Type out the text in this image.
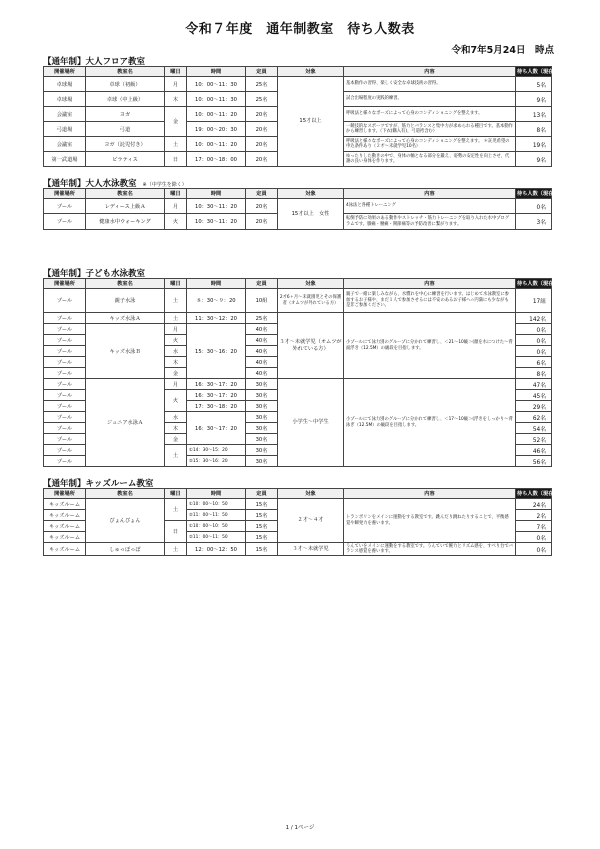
令和７年度　通年制教室　待ち人数表
令和7年5月24日　時点
【通年制】大人フロア教室
開催場所	教室名	曜日	時間	定員	対象	内容	待ち人数（現在）
卓球場	卓球（初級）	月	10：00～11：30	25名	15才以上	基本動作の習得、楽しく安全な卓球技術の習得。	5名
卓球場	卓球（中上級）	木	10：00～11：30	25名		試合出場程度の実践的練習。	9名
会議室	ヨガ	金	10：00～11：20	20名		呼吸法と様々なポーズによって心身のコンディショニングを整えます。	13名
弓道場	弓道		19：00～20：30	20名		一競技的なスポーツですが、筋力とバランスと集中力が求められる種目です。基本動作から練習します。（下衣(購入有)、弓道袴含む）	8名
会議室	ヨガ（託児付き）	土	10：00～11：20	20名		呼吸法と様々なポーズによって心身のコンディショニングを整えます。 ＊託児希望の申込条件あり（２才～未就学児10名）	19名
第一武道場	ピラティス	日	17：00～18：00	20名		ゆったりした動きの中で、身体の軸となる部分を鍛え、姿勢の安定性を向上させ、代謝の良い身体を作ります。	9名
【通年制】大人水泳教室 ※（中学生を除く）
開催場所	教室名	曜日	時間	定員	対象	内容	待ち人数（現在）
プール	レディース上級Ａ	月	10：30～11：20	20名	15才以上　女性	4泳法と各種トレーニング	0名
プール	健康水中ウォーキング	火	10：30～11：20	20名		転倒予防に効果のある動作やストレッチ・筋力トレーニングを取り入れた水中プログラムです。膝痛・腰痛・関節痛等の予防改善に繋がります。	3名
【通年制】子ども水泳教室
開催場所	教室名	曜日	時間	定員	対象	内容	待ち人数（現在）
プール	親子水泳	土	８：30～９：20	10組	2才6ヶ月～未就園児とその保護者（オムツが外れている方）	親子で一緒に楽しみながら、水慣れを中心に練習を行います。はじめて水泳教室に参加するお子様や、まだ１人で参加させるには不安のあるお子様へ☆円満にも少ながも是非ご参加ください。	17組
プール	キッズ水泳Ａ	土	11：30～12：20	25名	３才～未就学児（オムツが外れている方）	小プールにて泳力別のグループに分かれて練習し、＜21～10級＞(顔を水につけた～背面浮き（12.5M）の級段を目指します。	142名
プール	キッズ水泳Ｂ	月	15：30～16：20	40名			0名
プール		火		40名			0名
プール		水		40名			0名
プール		木		40名			6名
プール		金		40名			8名
プール	ジュニア水泳Ａ	月	16：30～17：20	30名	小学生～中学生	小プールにて泳力別のグループに分かれて練習し、＜17～10級＞(浮きをしっかり～背泳ぎ（12.5M）の級段を目指します。	47名
プール		火	16：30～17：20	30名			45名
プール			17：30～18：20	30名			29名
プール		水	16：30～17：20	30名			62名
プール		木		30名			54名
プール		金		30名			52名
プール		土	①14：30～15：20	30名			46名
プール			②15：30～16：20	30名			56名
【通年制】キッズルーム教室
開催場所	教室名	曜日	時間	定員	対象	内容	待ち人数（現在）
キッズルーム	ぴょんぴょん	土	①10：00～10：50	15名	２才～４才	トランポリンをメインに運動をする教室です。跳んだり跳ねたりすることで、平衡感覚や瞬発力を養います。	24名
キッズルーム			②11：00～11：50	15名			2名
キッズルーム		日	①10：00～10：50	15名			7名
キッズルーム			②11：00～11：50	15名			0名
キッズルーム	しゅっぽっぽ	土	12：00～12：50	15名	３才～未就学児	うんていをメインに運動をする教室です。うんていで腕力とリズム感を、すべり台でバランス感覚を養います。	0名
1 / 1ページ
